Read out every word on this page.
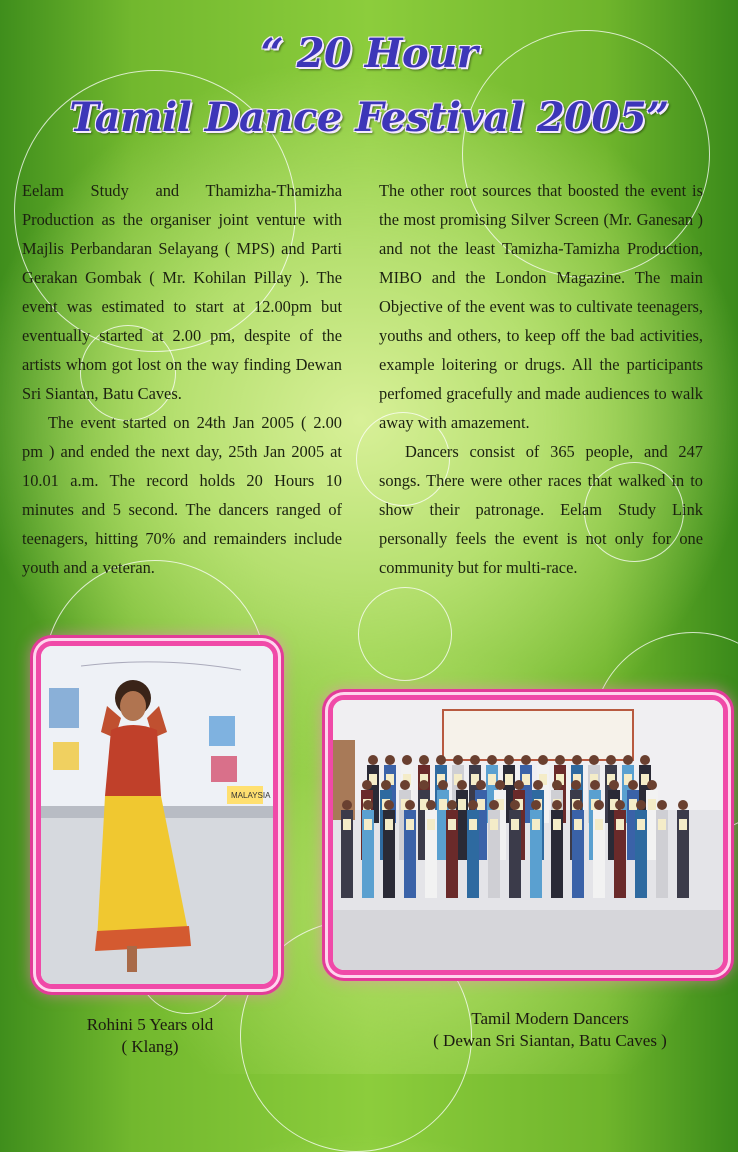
“ 20 Hour
Tamil Dance Festival 2005”

Eelam Study and Thamizha-Thamizha Production as the organiser joint venture with Majlis Perbandaran Selayang ( MPS) and Parti Gerakan Gombak ( Mr. Kohilan Pillay ). The event was estimated to start at 12.00pm but eventually started at 2.00 pm, despite of the artists whom got lost on the way finding Dewan Sri Siantan, Batu Caves.

The event started on 24th Jan 2005 ( 2.00 pm ) and ended the next day, 25th Jan 2005 at 10.01 a.m. The record holds 20 Hours 10 minutes and 5 second. The dancers ranged of teenagers, hitting 70% and remainders include youth and a veteran.

The other root sources that boosted the event is the most promising Silver Screen (Mr. Ganesan ) and not the least Tamizha-Tamizha Production, MIBO and the London Magazine. The main Objective of the event was to cultivate teenagers, youths and others, to keep off the bad activities, example loitering or drugs. All the participants perfomed gracefully and made audiences to walk away with amazement.

Dancers consist of 365 people, and 247 songs. There were other races that walked in to show their patronage. Eelam Study Link personally feels the event is not only for one community but for multi-race.

MALAYSIA
Rohini 5 Years old
( Klang)
Tamil Modern Dancers
( Dewan Sri Siantan, Batu Caves )
